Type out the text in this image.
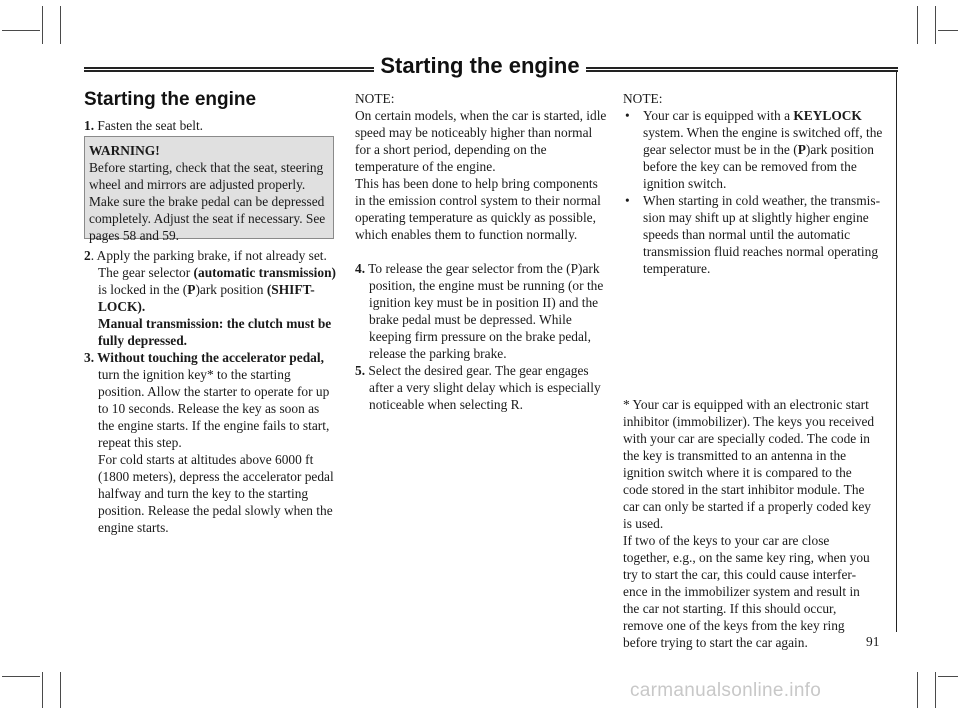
Starting the engine
Starting the engine

1. Fasten the seat belt.

WARNING!

Before starting, check that the seat, steering

wheel and mirrors are adjusted properly.

Make sure the brake pedal can be depressed

completely. Adjust the seat if necessary. See

pages 58 and 59.

2. Apply the parking brake, if not already set.

The gear selector (automatic transmission)

is locked in the (P)ark position (SHIFT-

LOCK).

Manual transmission: the clutch must be

fully depressed.

3. Without touching the accelerator pedal,

turn the ignition key* to the starting

position. Allow the starter to operate for up

to 10 seconds. Release the key as soon as

the engine starts. If the engine fails to start,

repeat this step.

For cold starts at altitudes above 6000 ft

(1800 meters), depress the accelerator pedal

halfway and turn the key to the starting

position. Release the pedal slowly when the

engine starts.

NOTE:

On certain models, when the car is started, idle

speed may be noticeably higher than normal

for a short period, depending on the

temperature of the engine.

This has been done to help bring components

in the emission control system to their normal

operating temperature as quickly as possible,

which enables them to function normally.

4. To release the gear selector from the (P)ark

position, the engine must be running (or the

ignition key must be in position II) and the

brake pedal must be depressed. While

keeping firm pressure on the brake pedal,

release the parking brake.

5. Select the desired gear. The gear engages

after a very slight delay which is especially

noticeable when selecting R.

NOTE:

• Your car is equipped with a KEYLOCK

system. When the engine is switched off, the

gear selector must be in the (P)ark position

before the key can be removed from the

ignition switch.

• When starting in cold weather, the transmis-

sion may shift up at slightly higher engine

speeds than normal until the automatic

transmission fluid reaches normal operating

temperature.

* Your car is equipped with an electronic start

inhibitor (immobilizer). The keys you received

with your car are specially coded. The code in

the key is transmitted to an antenna in the

ignition switch where it is compared to the

code stored in the start inhibitor module. The

car can only be started if a properly coded key

is used.

If two of the keys to your car are close

together, e.g., on the same key ring, when you

try to start the car, this could cause interfer-

ence in the immobilizer system and result in

the car not starting. If this should occur,

remove one of the keys from the key ring

before trying to start the car again.	91
carmanualsonline.info
